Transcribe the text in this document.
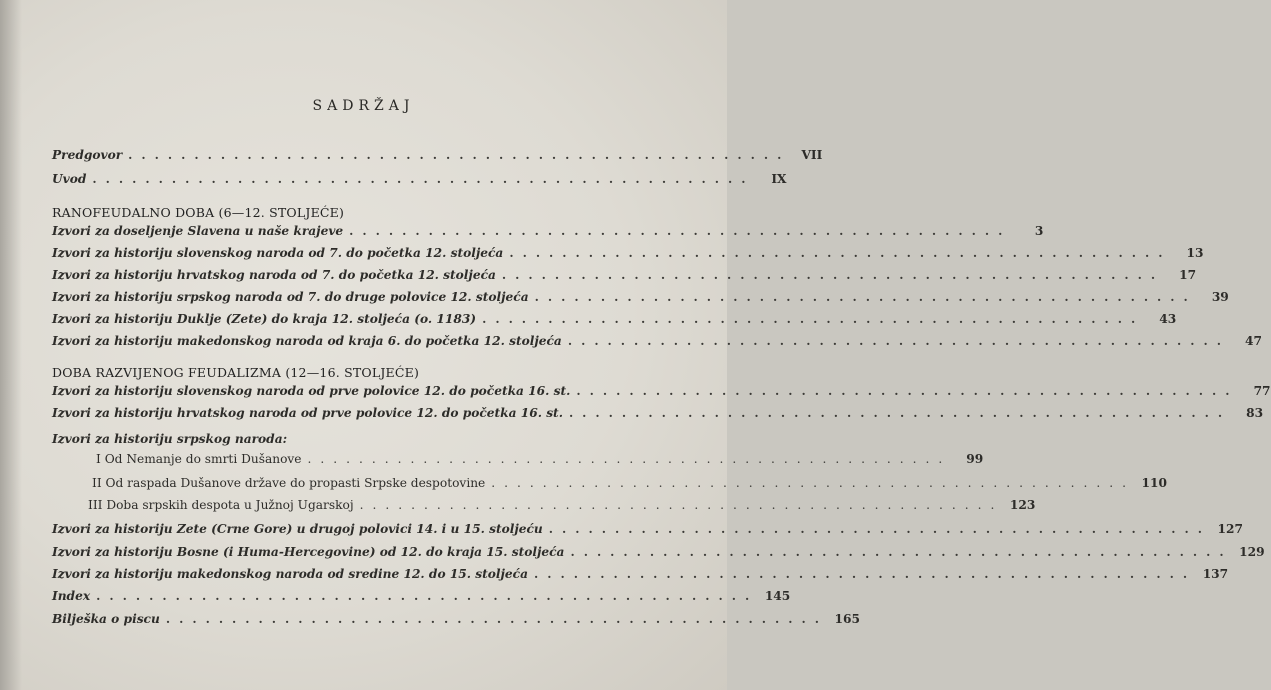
SADRŽAJ
Predgovor .................................................. VII
Uvod ..................................................	IX
RANOFEUDALNO DOBA (6—12. STOLJEĆE)
Izvori za doseljenje Slavena u naše krajeve ..................................................	3
Izvori za historiju slovenskog naroda od 7. do početka 12. stoljeća ..................................................	13
Izvori za historiju hrvatskog naroda od 7. do početka 12. stoljeća ..................................................	17
Izvori za historiju srpskog naroda od 7. do druge polovice 12. stoljeća ..................................................	39
Izvori za historiju Duklje (Zete) do kraja 12. stoljeća (o. 1183) ..................................................	43
Izvori za historiju makedonskog naroda od kraja 6. do početka 12. stoljeća ..................................................	47
DOBA RAZVIJENOG FEUDALIZMA (12—16. STOLJEĆE)
Izvori za historiju slovenskog naroda od prve polovice 12. do početka 16. st. ..................................................	77
Izvori za historiju hrvatskog naroda od prve polovice 12. do početka 16. st. ..................................................	83
Izvori za historiju srpskog naroda:
I Od Nemanje do smrti Dušanove ..................................................	99
II Od raspada Dušanove države do propasti Srpske despotovine .................................................. 110
III Doba srpskih despota u Južnoj Ugarskoj .................................................. 123
Izvori za historiju Zete (Crne Gore) u drugoj polovici 14. i u 15. stoljeću .................................................. 127
Izvori za historiju Bosne (i Huma-Hercegovine) od 12. do kraja 15. stoljeća .................................................. 129
Izvori za historiju makedonskog naroda od sredine 12. do 15. stoljeća .................................................. 137
Index .................................................. 145
Bilješka o piscu .................................................. 165
